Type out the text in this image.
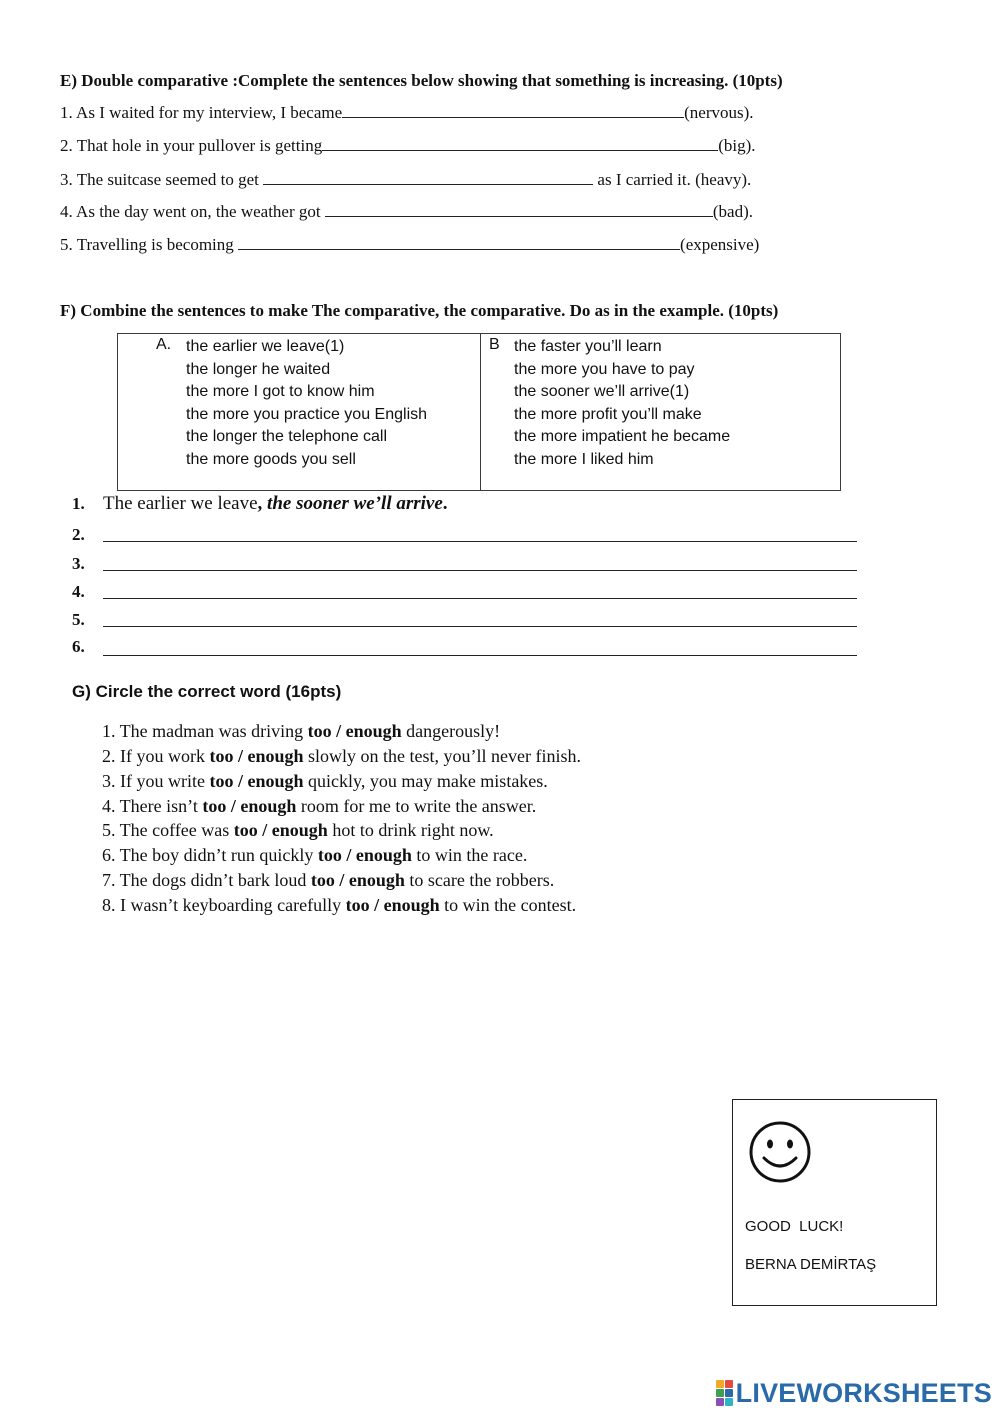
E) Double comparative :Complete the sentences below showing that something is increasing. (10pts)
1. As I waited for my interview, I became	(nervous).
2. That hole in your pullover is getting	(big).
3. The suitcase seemed to get	as I carried it. (heavy).
4. As the day went on, the weather got	(bad).
5. Travelling is becoming	(expensive)
F) Combine the sentences to make The comparative, the comparative. Do as in the example. (10pts)
A. the earlier we leave(1)
the longer he waited
the more I got to know him
the more you practice you English
the longer the telephone call
the more goods you sell
B the faster you’ll learn
the more you have to pay
the sooner we’ll arrive(1)
the more profit you’ll make
the more impatient he became
the more I liked him
1. The earlier we leave, the sooner we’ll arrive.
2.
3.
4.
5.
6.
G) Circle the correct word (16pts)
1. The madman was driving too / enough dangerously!
2. If you work too / enough slowly on the test, you’ll never finish.
3. If you write too / enough quickly, you may make mistakes.
4. There isn’t too / enough room for me to write the answer.
5. The coffee was too / enough hot to drink right now.
6. The boy didn’t run quickly too / enough to win the race.
7. The dogs didn’t bark loud too / enough to scare the robbers.
8. I wasn’t keyboarding carefully too / enough to win the contest.
GOOD  LUCK!
BERNA DEMİRTAŞ
LIVEWORKSHEETS
